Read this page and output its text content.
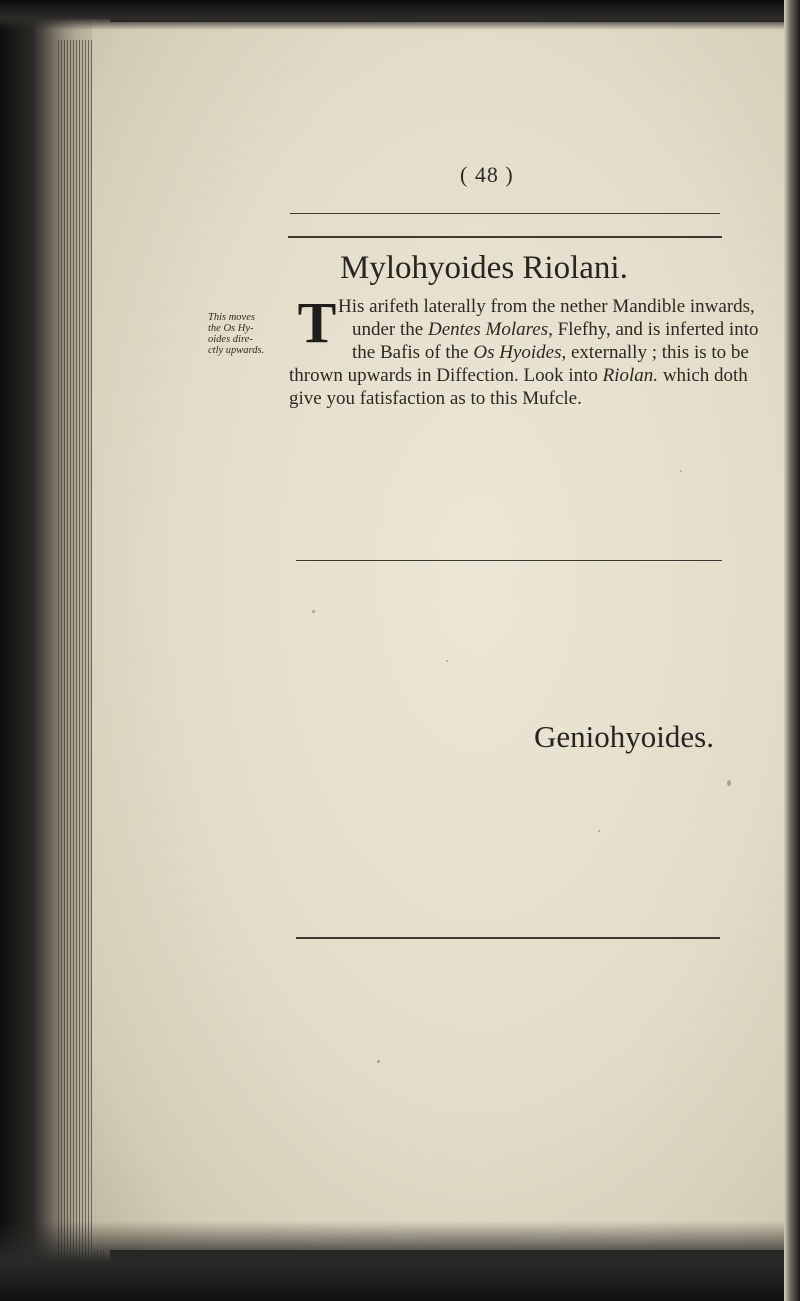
( 48 )
Mylohyoides Riolani.
This moves
the Os Hy-
oides dire-
ctly upwards. T His arifeth laterally from the nether Mandible inwards,
under the Dentes Molares, Flefhy, and is inferted into
the Bafis of the Os Hyoides, externally ; this is to be
thrown upwards in Diffection. Look into Riolan. which doth
give you fatisfaction as to this Mufcle.
Geniohyoides.
